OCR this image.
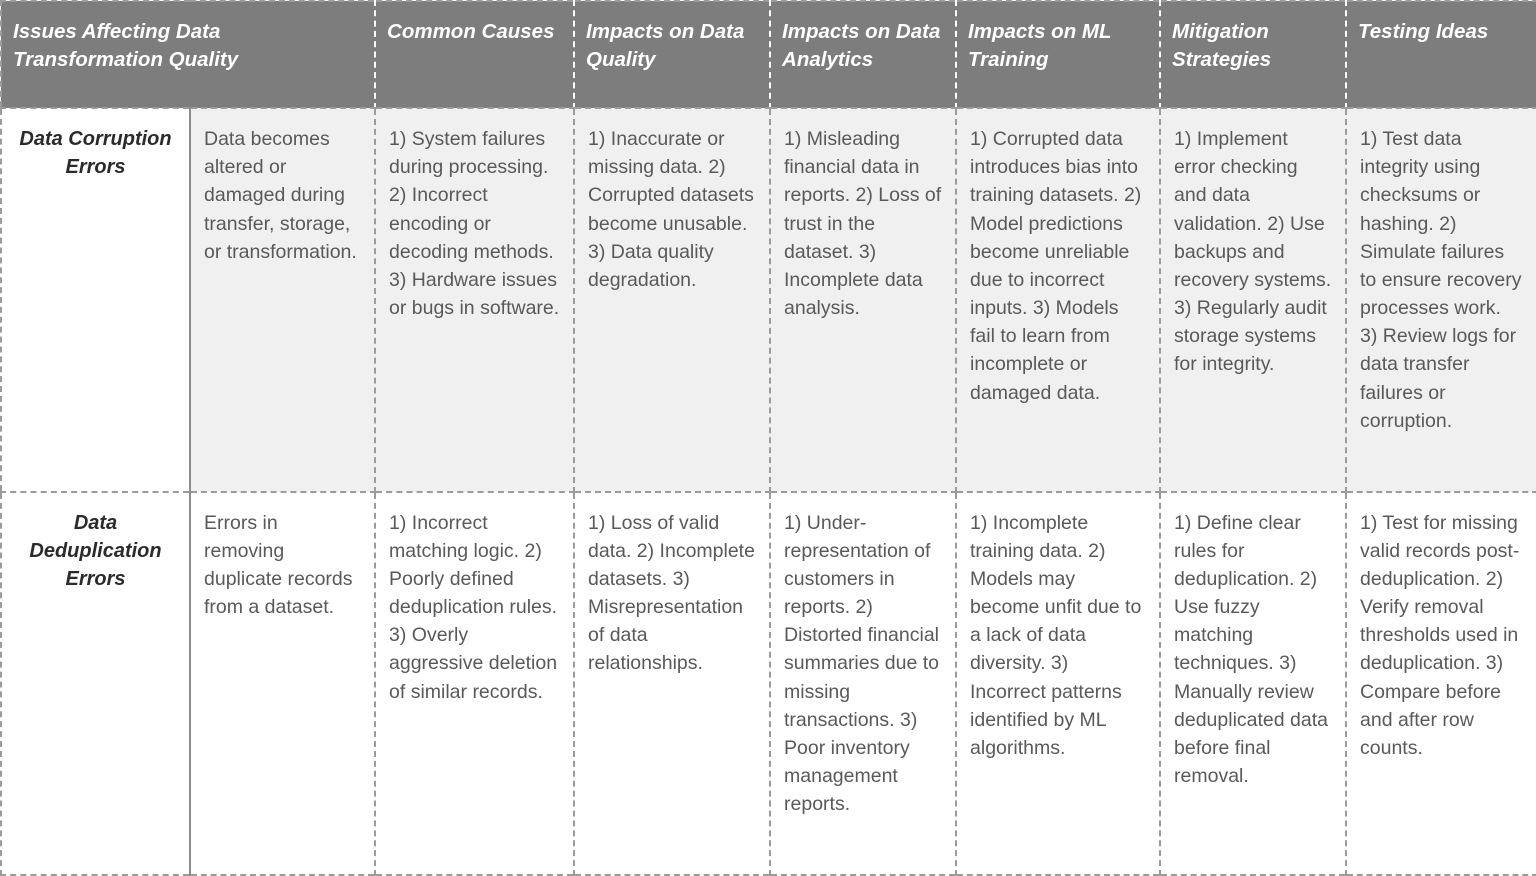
Issues Affecting Data Transformation Quality		Common Causes	Impacts on Data Quality	Impacts on Data Analytics	Impacts on ML Training	Mitigation Strategies	Testing Ideas
Data Corruption Errors	Data becomes altered or damaged during transfer, storage, or transformation.	1) System failures during processing. 2) Incorrect encoding or decoding methods. 3) Hardware issues or bugs in software.	1) Inaccurate or missing data. 2) Corrupted datasets become unusable. 3) Data quality degradation.	1) Misleading financial data in reports. 2) Loss of trust in the dataset. 3) Incomplete data analysis.	1) Corrupted data introduces bias into training datasets. 2) Model predictions become unreliable due to incorrect inputs. 3) Models fail to learn from incomplete or damaged data.	1) Implement error checking and data validation. 2) Use backups and recovery systems. 3) Regularly audit storage systems for integrity.	1) Test data integrity using checksums or hashing. 2) Simulate failures to ensure recovery processes work. 3) Review logs for data transfer failures or corruption.
Data Deduplication Errors	Errors in removing duplicate records from a dataset.	1) Incorrect matching logic. 2) Poorly defined deduplication rules. 3) Overly aggressive deletion of similar records.	1) Loss of valid data. 2) Incomplete datasets. 3) Misrepresentation of data relationships.	1) Under-representation of customers in reports. 2) Distorted financial summaries due to missing transactions. 3) Poor inventory management reports.	1) Incomplete training data. 2) Models may become unfit due to a lack of data diversity. 3) Incorrect patterns identified by ML algorithms.	1) Define clear rules for deduplication. 2) Use fuzzy matching techniques. 3) Manually review deduplicated data before final removal.	1) Test for missing valid records post-deduplication. 2) Verify removal thresholds used in deduplication. 3) Compare before and after row counts.
